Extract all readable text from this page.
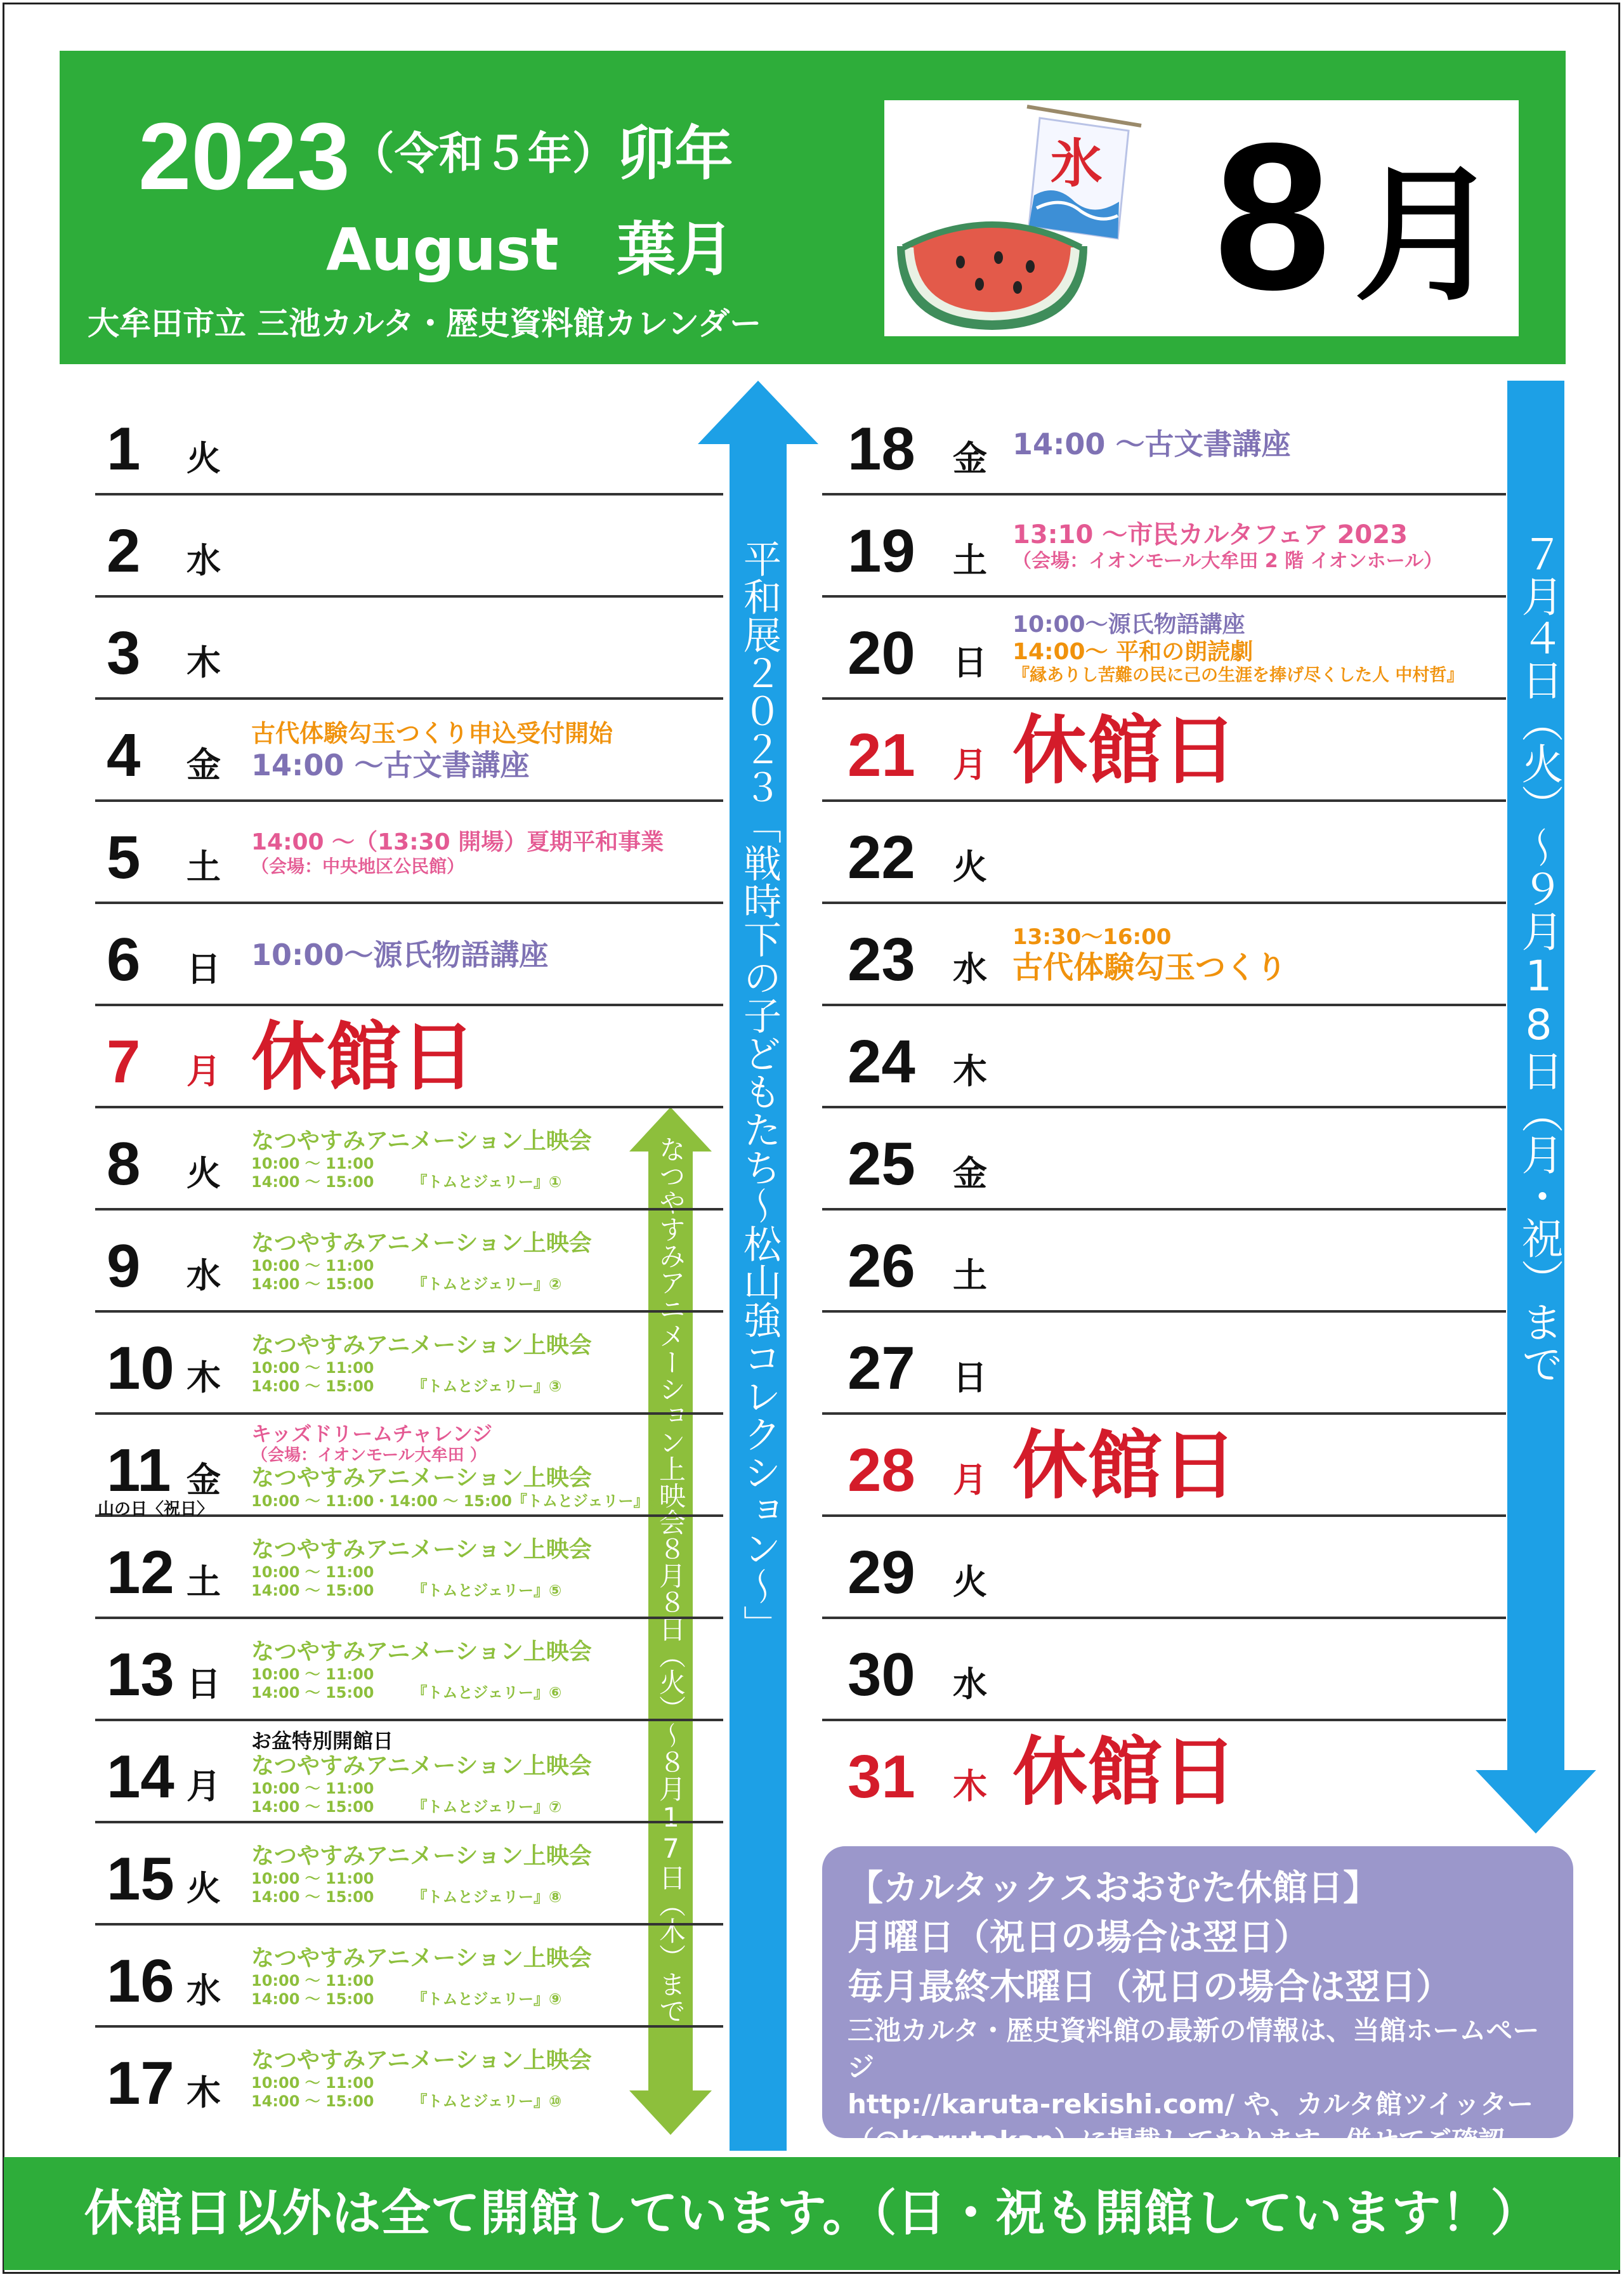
2023（令和５年）卯年
August　葉月
大牟田市立 三池カルタ・歴史資料館カレンダー
氷 8 月
平和展２０２３「戦時下の子どもたち～松山強コレクション～」
なつやすみアニメーション上映会８月８日（火）～８月17日（木）まで
７月４日（火）～９月18日（月・祝）まで
【カルタックスおおむた休館日】
月曜日（祝日の場合は翌日）
毎月最終木曜日（祝日の場合は翌日）
三池カルタ・歴史資料館の最新の情報は、当館ホームページ
http://karuta-rekishi.com/ や、カルタ館ツイッター
（@karutakan）に掲載しております。併せてご確認
休館日以外は全て開館しています。（日・祝も開館しています！）
1 火
2 水
3 木
4 金
古代体験勾玉つくり申込受付開始
14:00 ～古文書講座
5 土
14:00 ～（13:30 開場）夏期平和事業
（会場：中央地区公民館）
6 日 10:00～源氏物語講座
7 月 休館日
8 火
なつやすみアニメーション上映会
10:00 ～ 11:00
14:00 ～ 15:00　　　『トムとジェリー』①
9 水
なつやすみアニメーション上映会
10:00 ～ 11:00
14:00 ～ 15:00　　　『トムとジェリー』②
10 木
なつやすみアニメーション上映会
10:00 ～ 11:00
14:00 ～ 15:00　　　『トムとジェリー』③
11 金
山の日〈祝日〉
キッズドリームチャレンジ
（会場：イオンモール大牟田 ）
なつやすみアニメーション上映会
10:00 ～ 11:00・14:00 ～ 15:00『トムとジェリー』④
12 土
なつやすみアニメーション上映会
10:00 ～ 11:00
14:00 ～ 15:00　　　『トムとジェリー』⑤
13 日
なつやすみアニメーション上映会
10:00 ～ 11:00
14:00 ～ 15:00　　　『トムとジェリー』⑥
14 月
お盆特別開館日
なつやすみアニメーション上映会
10:00 ～ 11:00
14:00 ～ 15:00　　　『トムとジェリー』⑦
15 火
なつやすみアニメーション上映会
10:00 ～ 11:00
14:00 ～ 15:00　　　『トムとジェリー』⑧
16 水
なつやすみアニメーション上映会
10:00 ～ 11:00
14:00 ～ 15:00　　　『トムとジェリー』⑨
17 木
なつやすみアニメーション上映会
10:00 ～ 11:00
14:00 ～ 15:00　　　『トムとジェリー』⑩
18 金 14:00 ～古文書講座
19 土
13:10 ～市民カルタフェア 2023
（会場：イオンモール大牟田 2 階 イオンホール）
20 日
10:00～源氏物語講座
14:00～ 平和の朗読劇
『縁ありし苦難の民に己の生涯を捧げ尽くした人 中村哲』
21 月 休館日
22 火
23 水
13:30～16:00
古代体験勾玉つくり
24 木
25 金
26 土
27 日
28 月 休館日
29 火
30 水
31 木 休館日
